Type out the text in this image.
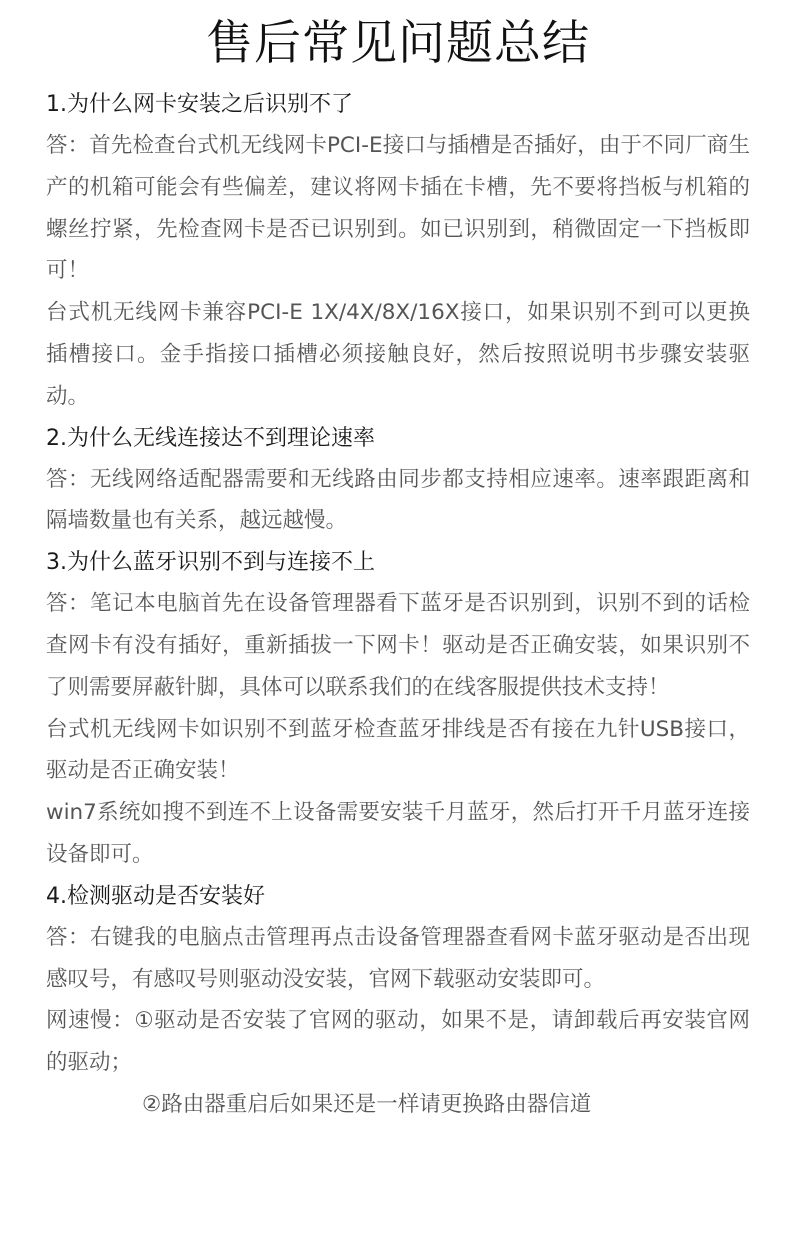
售后常见问题总结

1.为什么网卡安装之后识别不了

答：首先检查台式机无线网卡PCI-E接口与插槽是否插好，由于不同厂商生产的机箱可能会有些偏差，建议将网卡插在卡槽，先不要将挡板与机箱的螺丝拧紧，先检查网卡是否已识别到。如已识别到，稍微固定一下挡板即可！

台式机无线网卡兼容PCI-E 1X/4X/8X/16X接口，如果识别不到可以更换插槽接口。金手指接口插槽必须接触良好，然后按照说明书步骤安装驱动。

2.为什么无线连接达不到理论速率

答：无线网络适配器需要和无线路由同步都支持相应速率。速率跟距离和隔墙数量也有关系，越远越慢。

3.为什么蓝牙识别不到与连接不上

答：笔记本电脑首先在设备管理器看下蓝牙是否识别到，识别不到的话检查网卡有没有插好，重新插拔一下网卡！驱动是否正确安装，如果识别不了则需要屏蔽针脚，具体可以联系我们的在线客服提供技术支持！

台式机无线网卡如识别不到蓝牙检查蓝牙排线是否有接在九针USB接口，驱动是否正确安装！

win7系统如搜不到连不上设备需要安装千月蓝牙，然后打开千月蓝牙连接设备即可。

4.检测驱动是否安装好

答：右键我的电脑点击管理再点击设备管理器查看网卡蓝牙驱动是否出现感叹号，有感叹号则驱动没安装，官网下载驱动安装即可。

网速慢：①驱动是否安装了官网的驱动，如果不是，请卸载后再安装官网的驱动；

②路由器重启后如果还是一样请更换路由器信道
